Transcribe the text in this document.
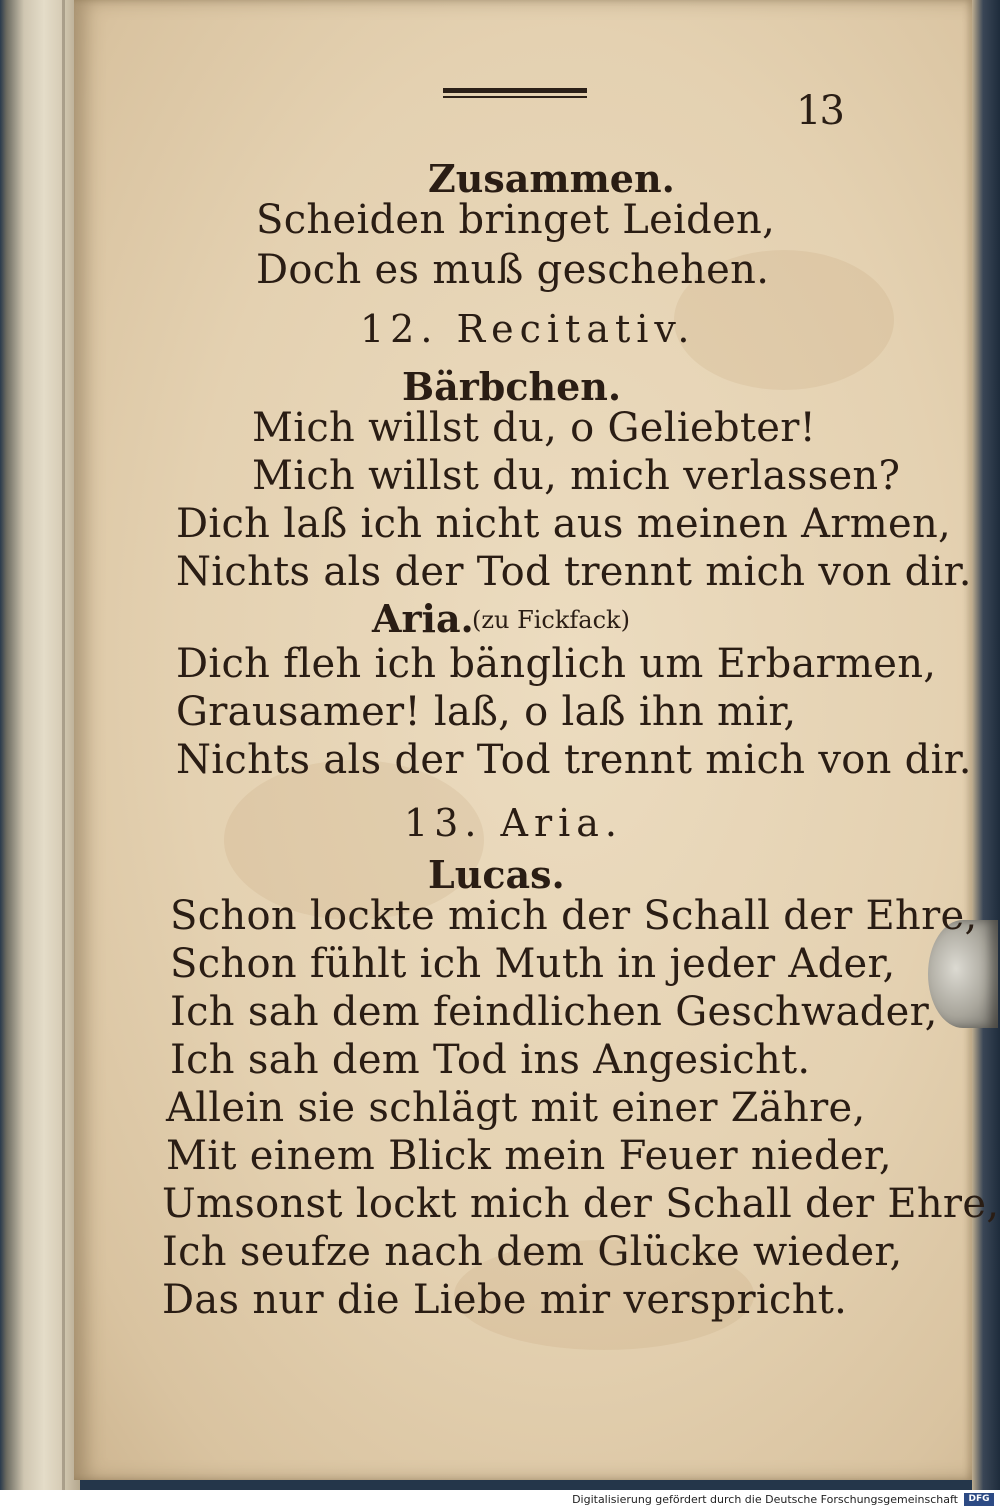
13
Zusammen.
Scheiden bringet Leiden,
Doch es muß geschehen.
12. Recitativ.
Bärbchen.
Mich willst du, o Geliebter!
Mich willst du, mich verlassen?
Dich laß ich nicht aus meinen Armen,
Nichts als der Tod trennt mich von dir.
Aria.
(zu Fickfack)
Dich fleh ich bänglich um Erbarmen,
Grausamer! laß, o laß ihn mir,
Nichts als der Tod trennt mich von dir.
13. Aria.
Lucas.
Schon lockte mich der Schall der Ehre,
Schon fühlt ich Muth in jeder Ader,
Ich sah dem feindlichen Geschwader,
Ich sah dem Tod ins Angesicht.
Allein sie schlägt mit einer Zähre,
Mit einem Blick mein Feuer nieder,
Umsonst lockt mich der Schall der Ehre,
Ich seufze nach dem Glücke wieder,
Das nur die Liebe mir verspricht.
Digitalisierung gefördert durch die Deutsche Forschungsgemeinschaft	DFG
